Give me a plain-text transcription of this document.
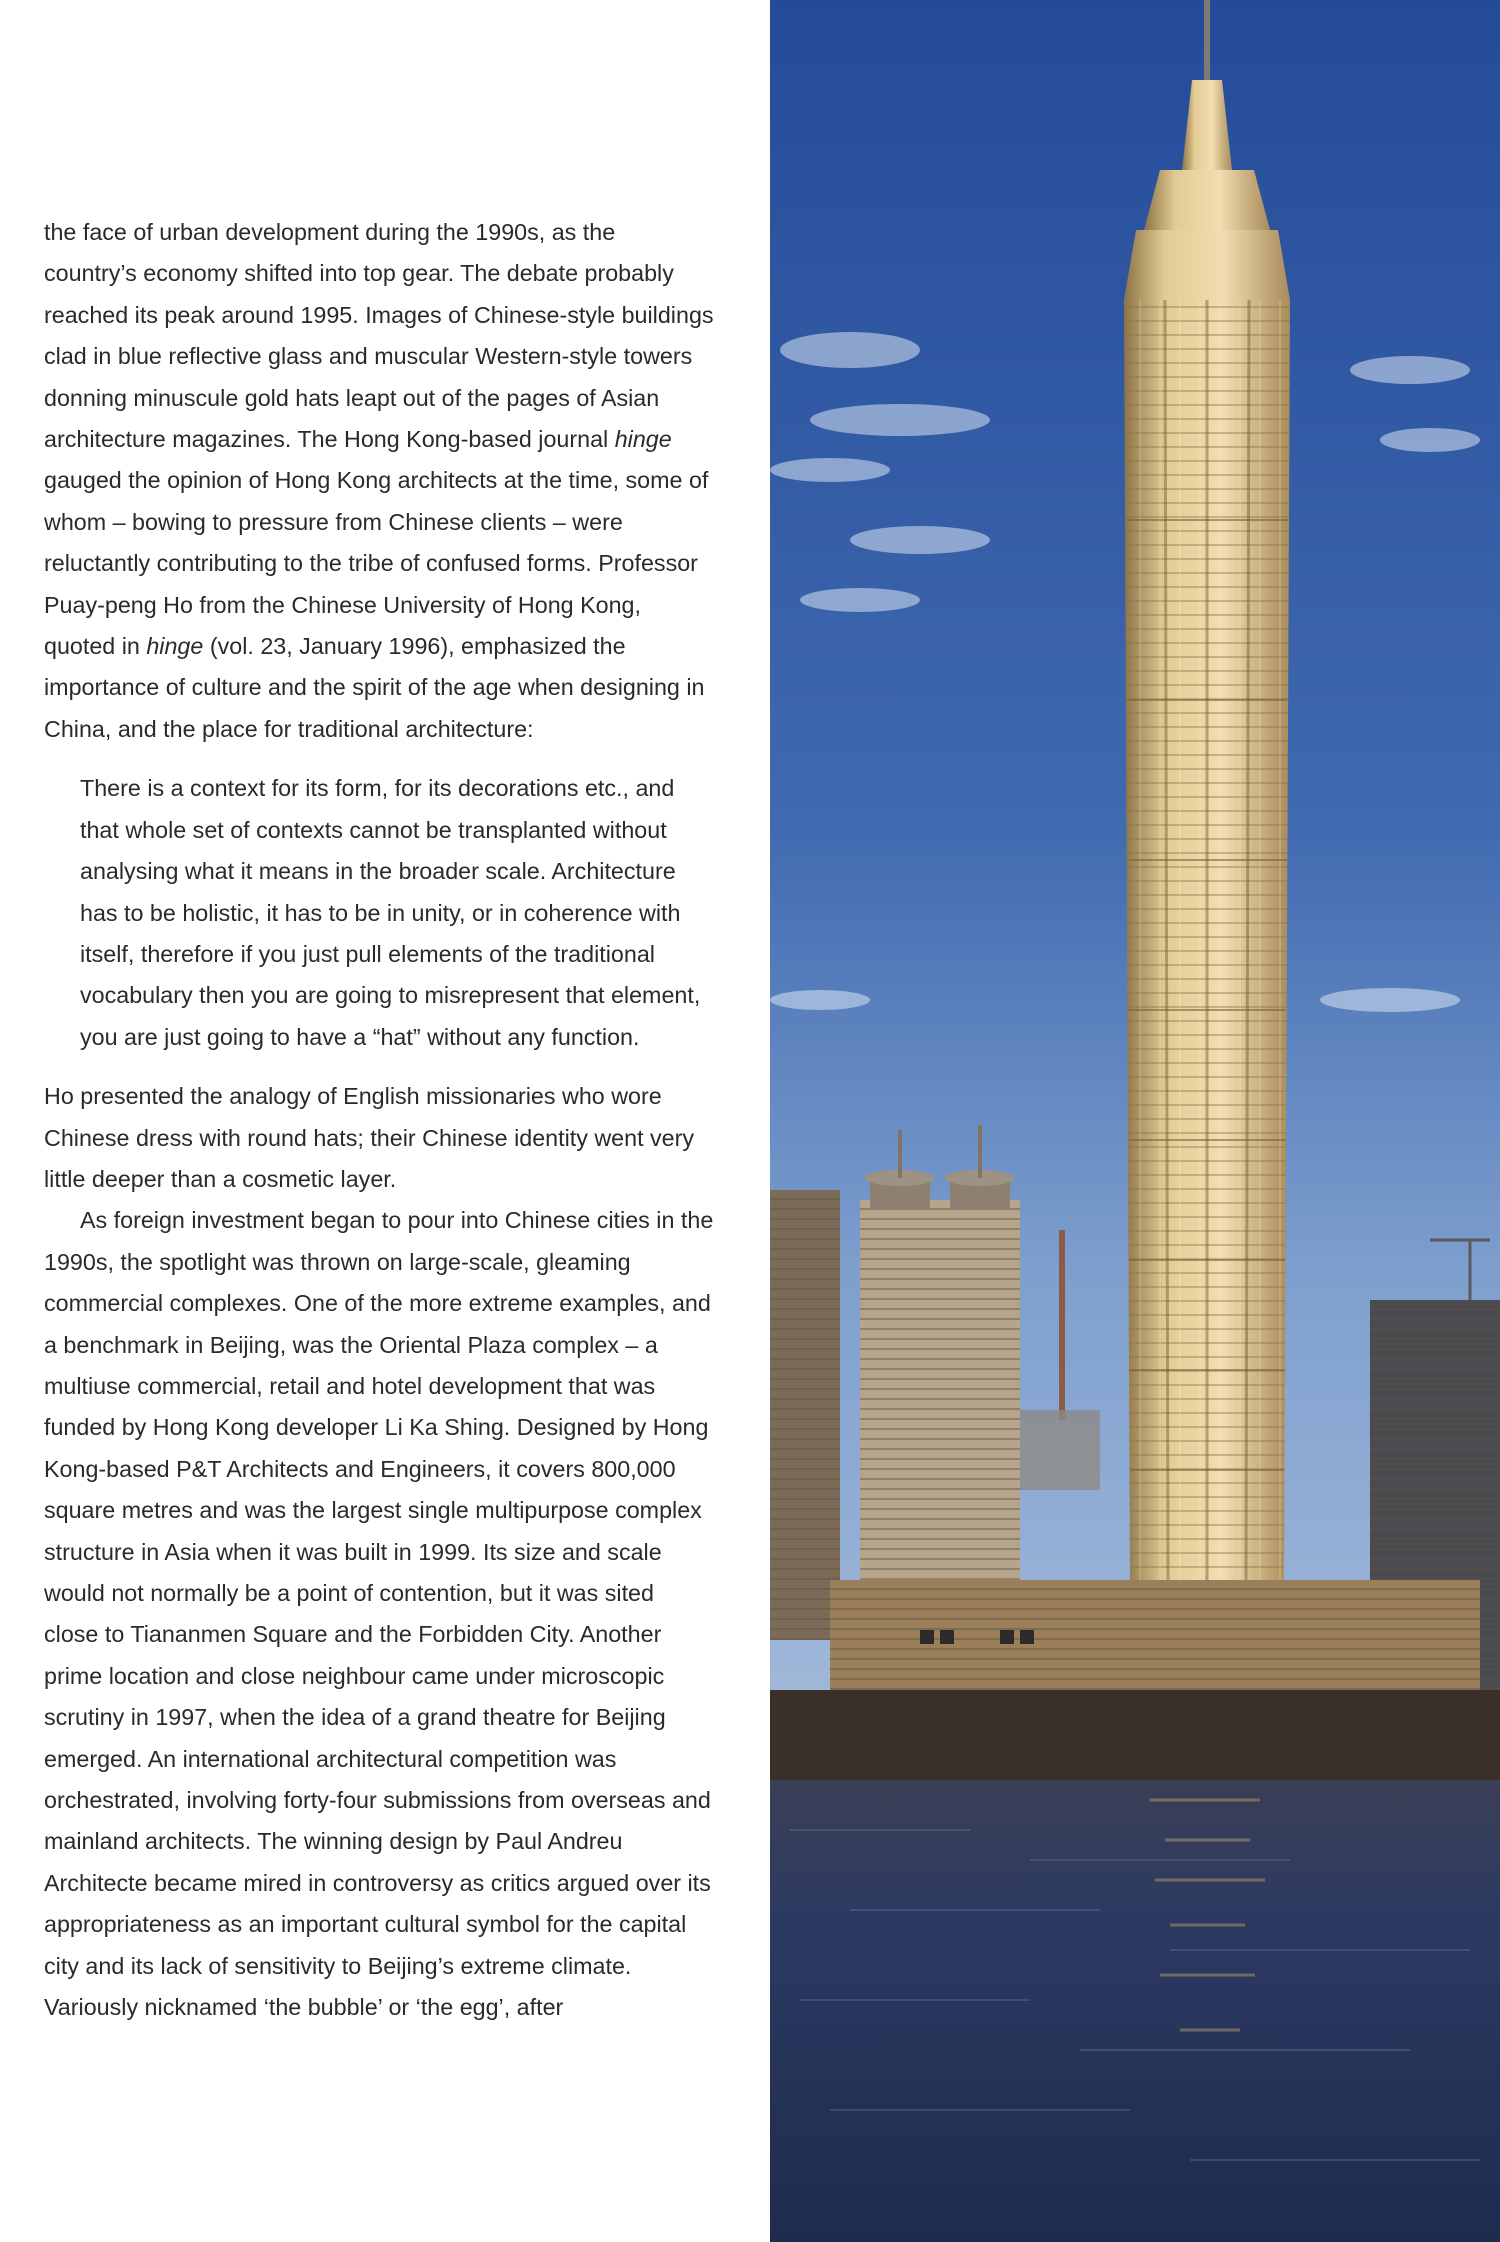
the face of urban development during the 1990s, as the country’s economy shifted into top gear. The debate probably reached its peak around 1995. Images of Chinese-style buildings clad in blue reflective glass and muscular Western-style towers donning minuscule gold hats leapt out of the pages of Asian architecture magazines. The Hong Kong-based journal hinge gauged the opinion of Hong Kong architects at the time, some of whom – bowing to pressure from Chinese clients – were reluctantly contributing to the tribe of confused forms. Professor Puay-peng Ho from the Chinese University of Hong Kong, quoted in hinge (vol. 23, January 1996), emphasized the importance of culture and the spirit of the age when designing in China, and the place for traditional architecture:

There is a context for its form, for its decorations etc., and that whole set of contexts cannot be transplanted without analysing what it means in the broader scale. Architecture has to be holistic, it has to be in unity, or in coherence with itself, therefore if you just pull elements of the traditional vocabulary then you are going to misrepresent that element, you are just going to have a “hat” without any function.

Ho presented the analogy of English missionaries who wore Chinese dress with round hats; their Chinese identity went very little deeper than a cosmetic layer.

As foreign investment began to pour into Chinese cities in the 1990s, the spotlight was thrown on large-scale, gleaming commercial complexes. One of the more extreme examples, and a benchmark in Beijing, was the Oriental Plaza complex – a multiuse commercial, retail and hotel development that was funded by Hong Kong developer Li Ka Shing. Designed by Hong Kong-based P&T Architects and Engineers, it covers 800,000 square metres and was the largest single multipurpose complex structure in Asia when it was built in 1999. Its size and scale would not normally be a point of contention, but it was sited close to Tiananmen Square and the Forbidden City. Another prime location and close neighbour came under microscopic scrutiny in 1997, when the idea of a grand theatre for Beijing emerged. An international architectural competition was orchestrated, involving forty-four submissions from overseas and mainland architects. The winning design by Paul Andreu Architecte became mired in controversy as critics argued over its appropriateness as an important cultural symbol for the capital city and its lack of sensitivity to Beijing’s extreme climate. Variously nicknamed ‘the bubble’ or ‘the egg’, after
